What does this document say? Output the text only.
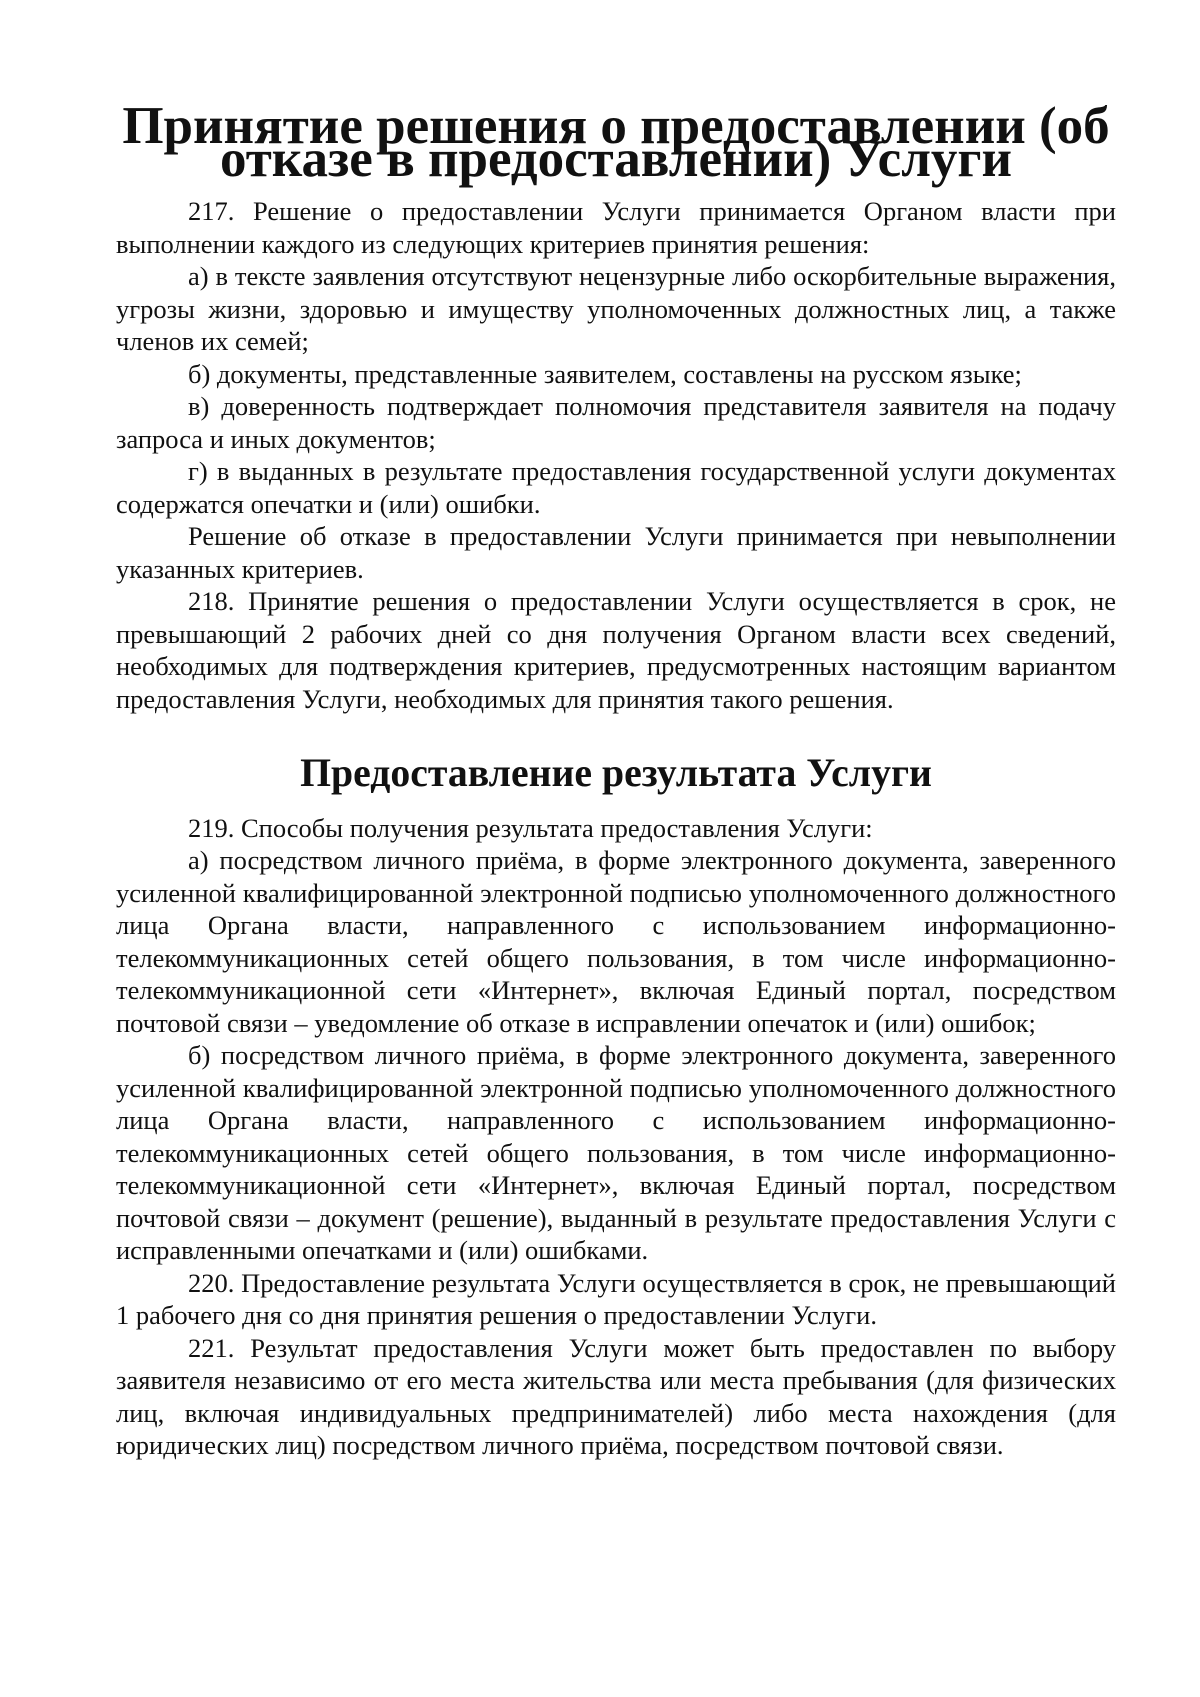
Принятие решения о предоставлении (об отказе в предоставлении) Услуги

217. Решение о предоставлении Услуги принимается Органом власти при выполнении каждого из следующих критериев принятия решения:

а) в тексте заявления отсутствуют нецензурные либо оскорбительные выражения, угрозы жизни, здоровью и имуществу уполномоченных должностных лиц, а также членов их семей;

б) документы, представленные заявителем, составлены на русском языке;

в) доверенность подтверждает полномочия представителя заявителя на подачу запроса и иных документов;

г) в выданных в результате предоставления государственной услуги документах содержатся опечатки и (или) ошибки.

Решение об отказе в предоставлении Услуги принимается при невыполнении указанных критериев.

218. Принятие решения о предоставлении Услуги осуществляется в срок, не превышающий 2 рабочих дней со дня получения Органом власти всех сведений, необходимых для подтверждения критериев, предусмотренных настоящим вариантом предоставления Услуги, необходимых для принятия такого решения.

Предоставление результата Услуги

219. Способы получения результата предоставления Услуги:

а) посредством личного приёма, в форме электронного документа, заверенного усиленной квалифицированной электронной подписью уполномоченного должностного лица Органа власти, направленного с использованием информационно-телекоммуникационных сетей общего пользования, в том числе информационно-телекоммуникационной сети «Интернет», включая Единый портал, посредством почтовой связи – уведомление об отказе в исправлении опечаток и (или) ошибок;

б) посредством личного приёма, в форме электронного документа, заверенного усиленной квалифицированной электронной подписью уполномоченного должностного лица Органа власти, направленного с использованием информационно-телекоммуникационных сетей общего пользования, в том числе информационно-телекоммуникационной сети «Интернет», включая Единый портал, посредством почтовой связи – документ (решение), выданный в результате предоставления Услуги с исправленными опечатками и (или) ошибками.

220. Предоставление результата Услуги осуществляется в срок, не превышающий 1 рабочего дня со дня принятия решения о предоставлении Услуги.

221. Результат предоставления Услуги может быть предоставлен по выбору заявителя независимо от его места жительства или места пребывания (для физических лиц, включая индивидуальных предпринимателей) либо места нахождения (для юридических лиц) посредством личного приёма, посредством почтовой связи.
